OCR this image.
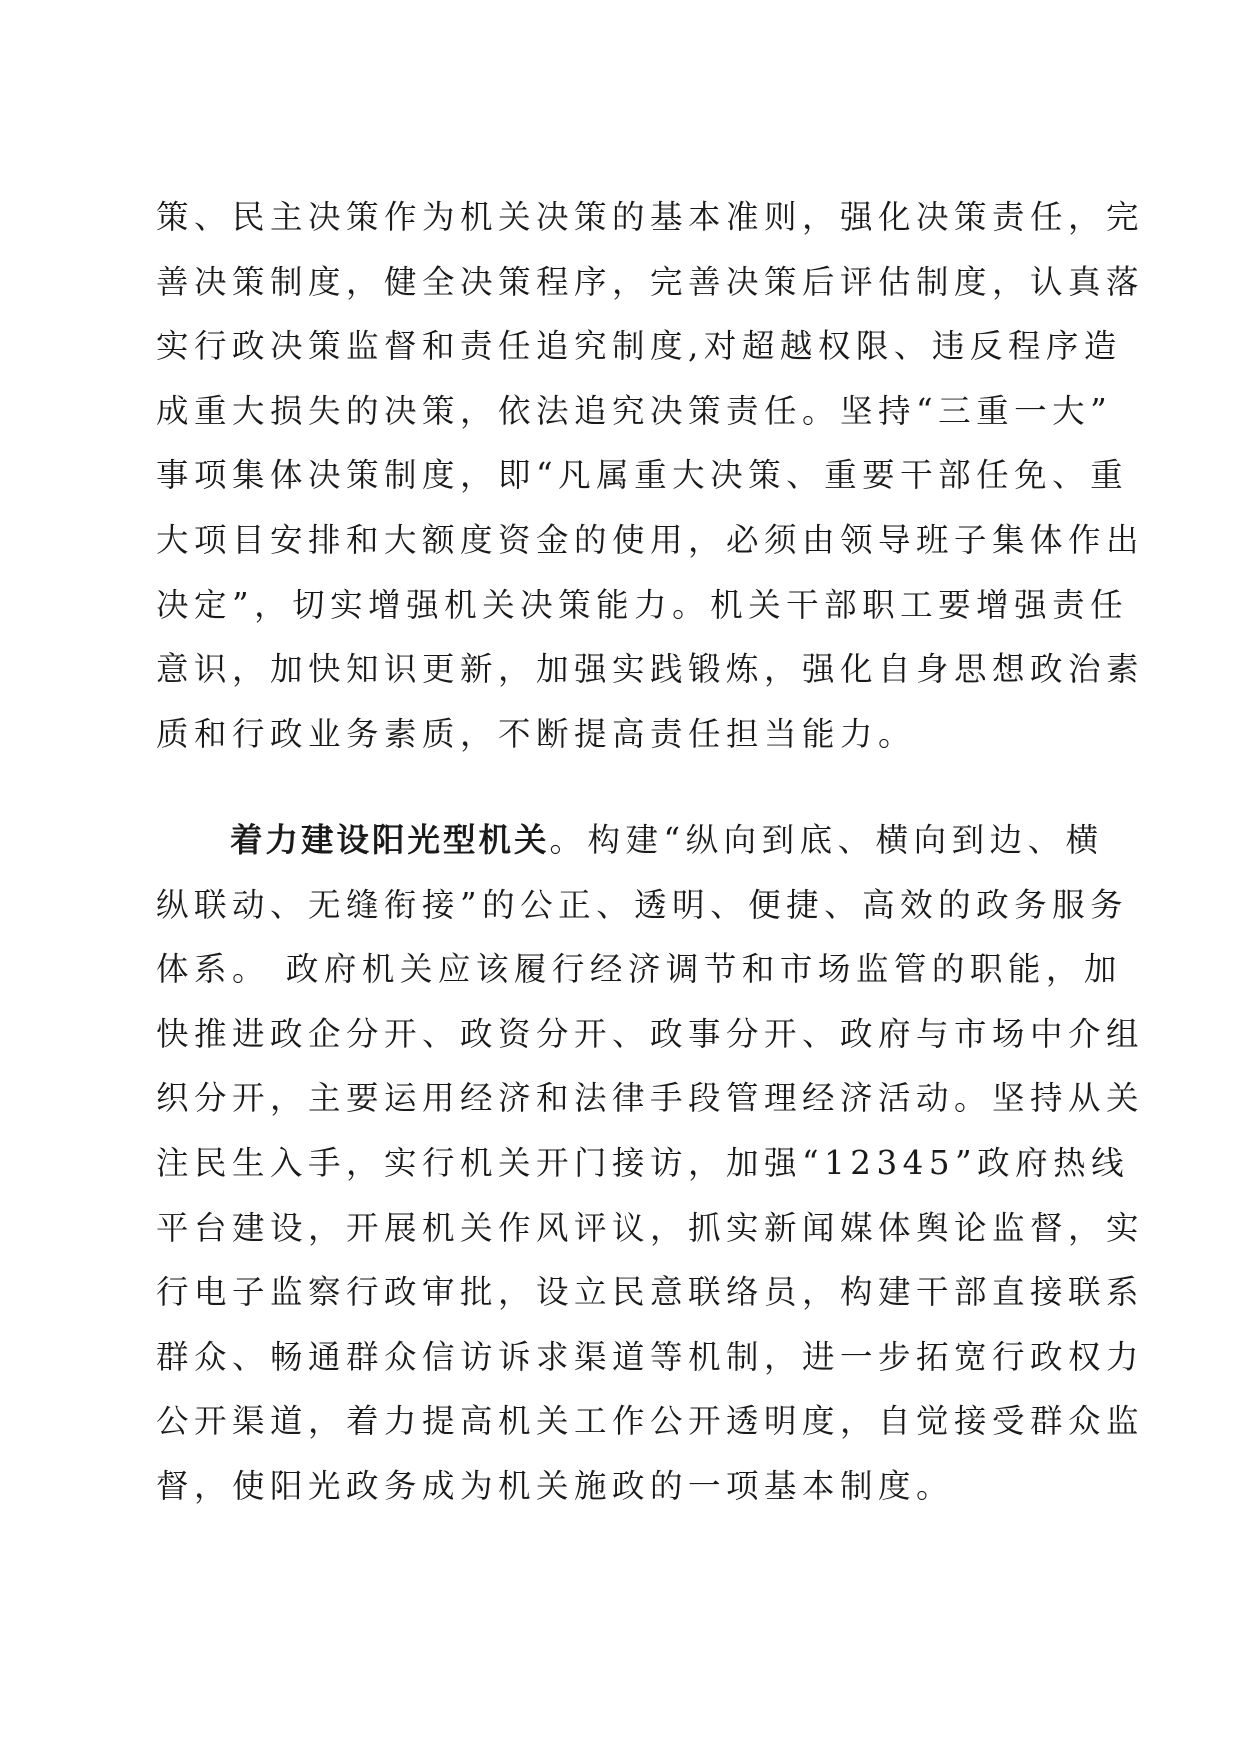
策、民主决策作为机关决策的基本准则，强化决策责任，完
善决策制度，健全决策程序，完善决策后评估制度，认真落
实行政决策监督和责任追究制度,对超越权限、违反程序造
成重大损失的决策，依法追究决策责任。坚持“三重一大”
事项集体决策制度，即“凡属重大决策、重要干部任免、重
大项目安排和大额度资金的使用，必须由领导班子集体作出
决定”，切实增强机关决策能力。机关干部职工要增强责任
意识，加快知识更新，加强实践锻炼，强化自身思想政治素
质和行政业务素质，不断提高责任担当能力。
着力建设阳光型机关。构建“纵向到底、横向到边、横
纵联动、无缝衔接”的公正、透明、便捷、高效的政务服务
体系。 政府机关应该履行经济调节和市场监管的职能，加
快推进政企分开、政资分开、政事分开、政府与市场中介组
织分开，主要运用经济和法律手段管理经济活动。坚持从关
注民生入手，实行机关开门接访，加强“12345”政府热线
平台建设，开展机关作风评议，抓实新闻媒体舆论监督，实
行电子监察行政审批，设立民意联络员，构建干部直接联系
群众、畅通群众信访诉求渠道等机制，进一步拓宽行政权力
公开渠道，着力提高机关工作公开透明度，自觉接受群众监
督，使阳光政务成为机关施政的一项基本制度。
